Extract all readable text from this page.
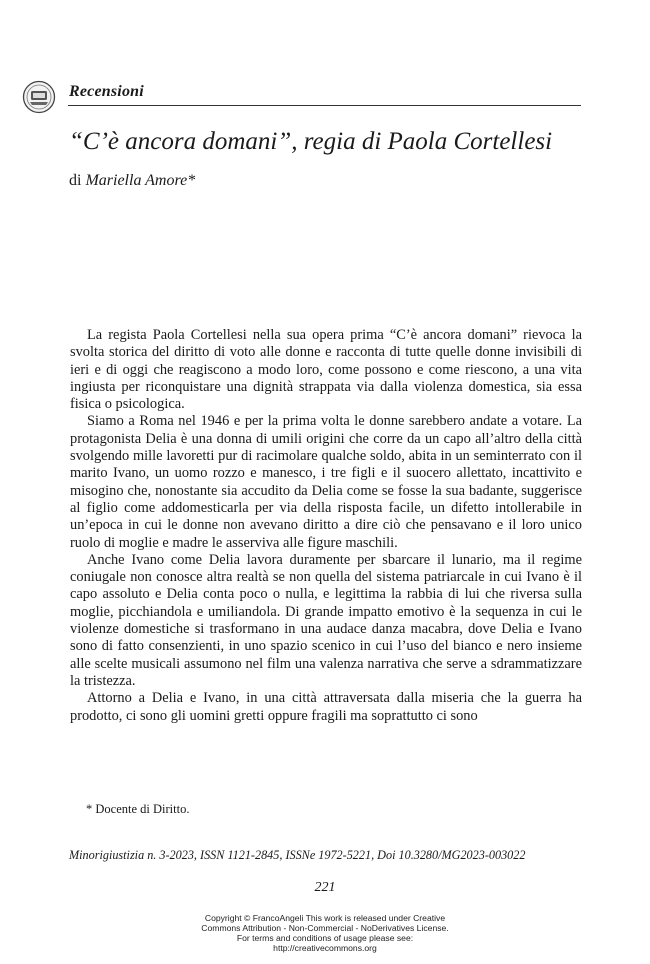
Recensioni
“C’è ancora domani”, regia di Paola Cortellesi
di Mariella Amore*

La regista Paola Cortellesi nella sua opera prima “C’è ancora domani” rievoca la svolta storica del diritto di voto alle donne e racconta di tutte quelle donne invisibili di ieri e di oggi che reagiscono a modo loro, come possono e come riescono, a una vita ingiusta per riconquistare una dignità strappata via dalla violenza domestica, sia essa fisica o psicologica.

Siamo a Roma nel 1946 e per la prima volta le donne sarebbero andate a votare. La protagonista Delia è una donna di umili origini che corre da un capo all’altro della città svolgendo mille lavoretti pur di racimolare qualche soldo, abita in un seminterrato con il marito Ivano, un uomo rozzo e manesco, i tre figli e il suocero allettato, incattivito e misogino che, nonostante sia accudito da Delia come se fosse la sua badante, suggerisce al figlio come addomesticarla per via della risposta facile, un difetto intollerabile in un’epoca in cui le donne non avevano diritto a dire ciò che pensavano e il loro unico ruolo di moglie e madre le asserviva alle figure maschili.

Anche Ivano come Delia lavora duramente per sbarcare il lunario, ma il regime coniugale non conosce altra realtà se non quella del sistema patriarcale in cui Ivano è il capo assoluto e Delia conta poco o nulla, e legittima la rabbia di lui che riversa sulla moglie, picchiandola e umiliandola. Di grande impatto emotivo è la sequenza in cui le violenze domestiche si trasformano in una audace danza macabra, dove Delia e Ivano sono di fatto consenzienti, in uno spazio scenico in cui l’uso del bianco e nero insieme alle scelte musicali assumono nel film una valenza narrativa che serve a sdrammatizzare la tristezza.

Attorno a Delia e Ivano, in una città attraversata dalla miseria che la guerra ha prodotto, ci sono gli uomini gretti oppure fragili ma soprattutto ci sono

* Docente di Diritto.
Minorigiustizia n. 3-2023, ISSN 1121-2845, ISSNe 1972-5221, Doi 10.3280/MG2023-003022
221
Copyright © FrancoAngeli This work is released under Creative
Commons Attribution - Non-Commercial - NoDerivatives License.
For terms and conditions of usage please see:
http://creativecommons.org
